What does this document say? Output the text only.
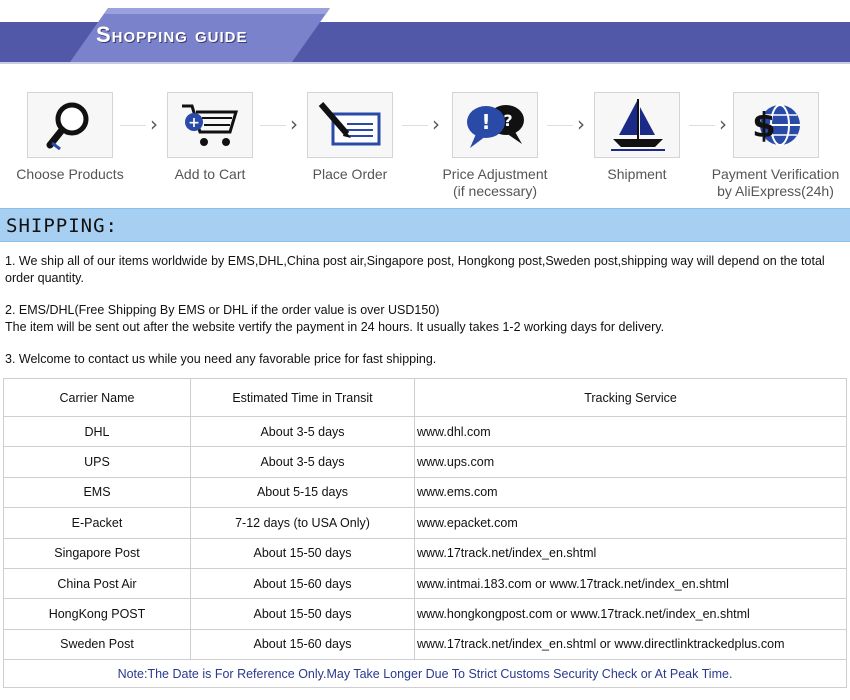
Shopping guide
Choose Products
› +
Add to Cart
›
Place Order
› ! ?
Price Adjustment
(if necessary)
›
Shipment
› $
Payment Verification
by AliExpress(24h)
SHIPPING:

1. We ship all of our items worldwide by EMS,DHL,China post air,Singapore post, Hongkong post,Sweden post,shipping way will depend on the total order quantity.

2. EMS/DHL(Free Shipping By EMS or DHL if the order value is over USD150)
The item will be sent out after the website vertify the payment in 24 hours. It usually takes 1-2 working days for delivery.

3. Welcome to contact us while you need any favorable price for fast shipping.

Carrier Name	Estimated Time in Transit	Tracking Service
DHL	About 3-5 days	www.dhl.com
UPS	About 3-5 days	www.ups.com
EMS	About 5-15 days	www.ems.com
E-Packet	7-12 days (to USA Only)	www.epacket.com
Singapore Post	About 15-50 days	www.17track.net/index_en.shtml
China Post Air	About 15-60 days	www.intmai.183.com or www.17track.net/index_en.shtml
HongKong POST	About 15-50 days	www.hongkongpost.com or www.17track.net/index_en.shtml
Sweden Post	About 15-60 days	www.17track.net/index_en.shtml or www.directlinktrackedplus.com
Note:The Date is For Reference Only.May Take Longer Due To Strict Customs Security Check or At Peak Time.		
